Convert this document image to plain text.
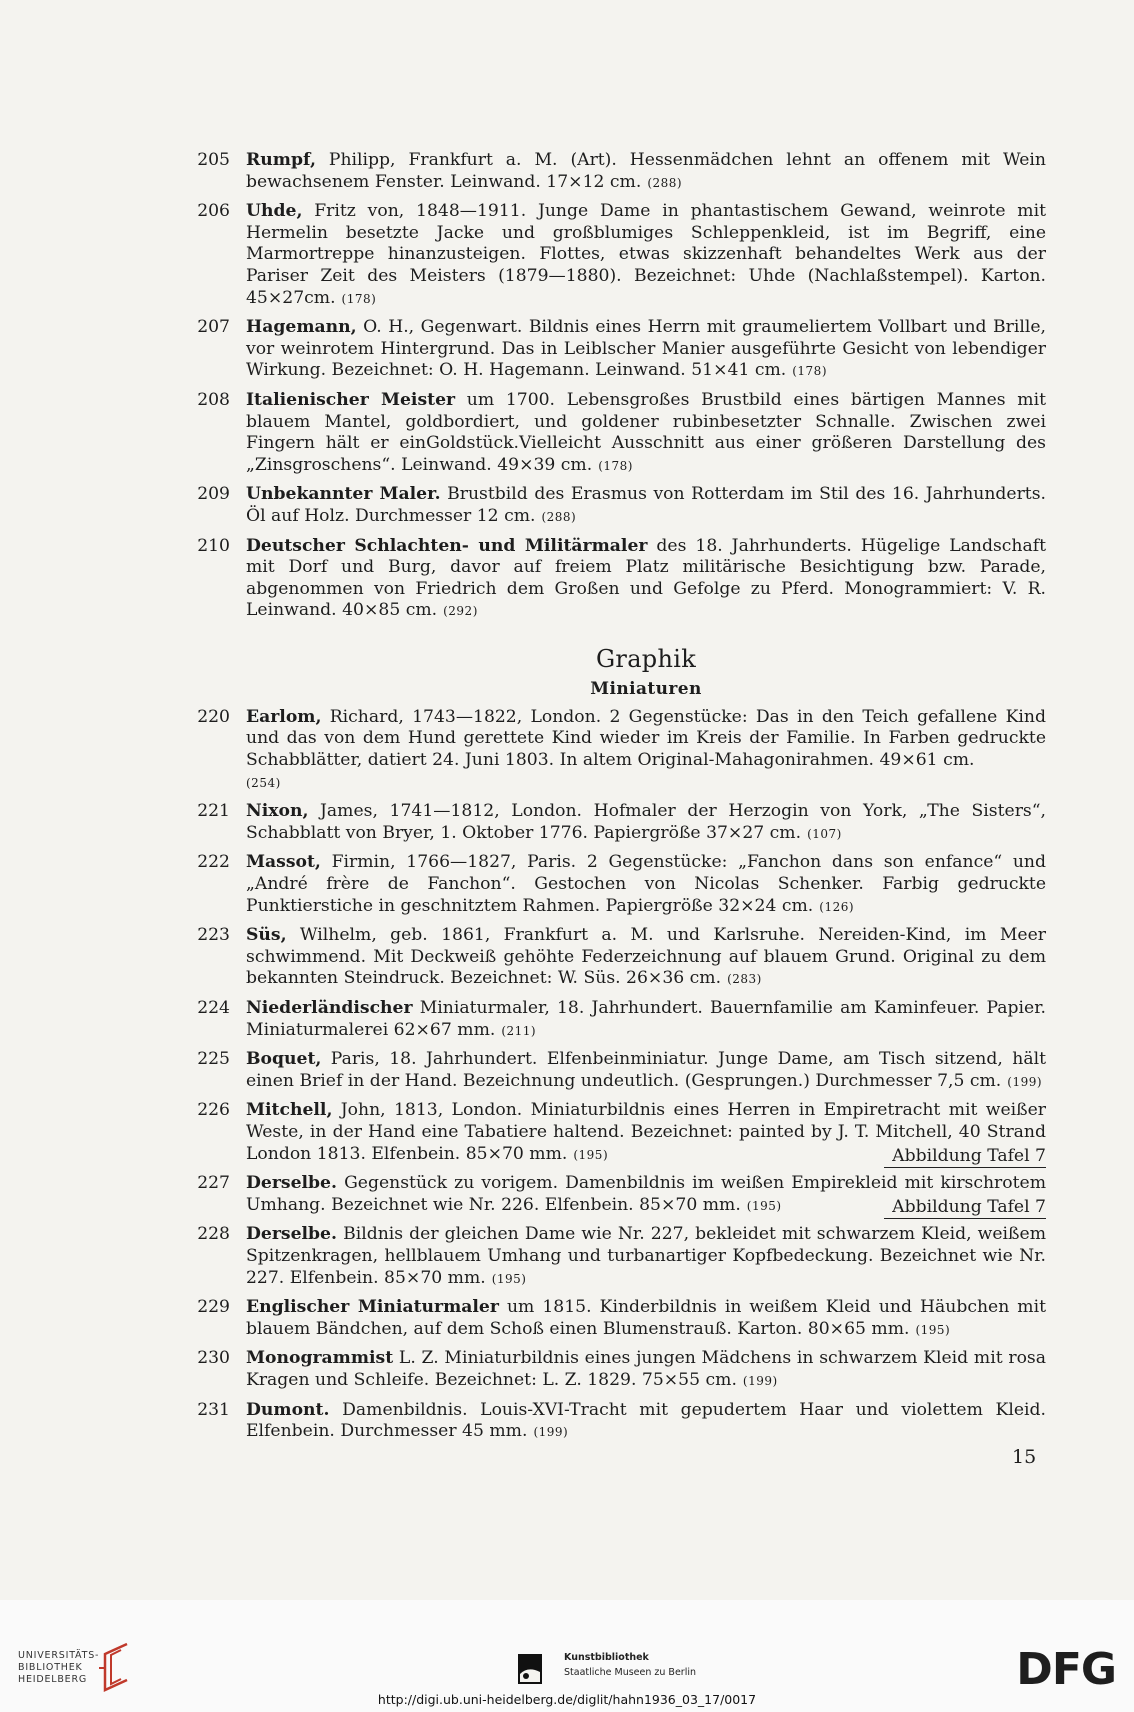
205 Rumpf, Philipp, Frankfurt a. M. (Art). Hessenmädchen lehnt an offenem mit Wein bewachsenem Fenster. Leinwand. 17×12 cm. (288)
206 Uhde, Fritz von, 1848—1911. Junge Dame in phantastischem Gewand, weinrote mit Hermelin besetzte Jacke und großblumiges Schleppenkleid, ist im Begriff, eine Marmortreppe hinanzusteigen. Flottes, etwas skizzenhaft behandeltes Werk aus der Pariser Zeit des Meisters (1879—1880). Bezeichnet: Uhde (Nachlaßstempel). Karton. 45×27cm. (178)
207 Hagemann, O. H., Gegenwart. Bildnis eines Herrn mit graumeliertem Vollbart und Brille, vor weinrotem Hintergrund. Das in Leiblscher Manier ausgeführte Gesicht von lebendiger Wirkung. Bezeichnet: O. H. Hagemann. Leinwand. 51×41 cm. (178)
208 Italienischer Meister um 1700. Lebensgroßes Brustbild eines bärtigen Mannes mit blauem Mantel, goldbordiert, und goldener rubinbesetzter Schnalle. Zwischen zwei Fingern hält er einGoldstück.Vielleicht Ausschnitt aus einer größeren Darstellung des „Zinsgroschens“. Leinwand. 49×39 cm. (178)
209 Unbekannter Maler. Brustbild des Erasmus von Rotterdam im Stil des 16. Jahrhunderts. Öl auf Holz. Durchmesser 12 cm. (288)
210 Deutscher Schlachten- und Militärmaler des 18. Jahrhunderts. Hügelige Landschaft mit Dorf und Burg, davor auf freiem Platz militärische Besichtigung bzw. Parade, abgenommen von Friedrich dem Großen und Gefolge zu Pferd. Monogrammiert: V. R. Leinwand. 40×85 cm. (292)
Graphik
Miniaturen
220 Earlom, Richard, 1743—1822, London. 2 Gegenstücke: Das in den Teich gefallene Kind und das von dem Hund gerettete Kind wieder im Kreis der Familie. In Farben gedruckte Schabblätter, datiert 24. Juni 1803. In altem Original-Mahagonirahmen. 49×61 cm.
(254)
221 Nixon, James, 1741—1812, London. Hofmaler der Herzogin von York, „The Sisters“, Schabblatt von Bryer, 1. Oktober 1776. Papiergröße 37×27 cm. (107)
222 Massot, Firmin, 1766—1827, Paris. 2 Gegenstücke: „Fanchon dans son enfance“ und „André frère de Fanchon“. Gestochen von Nicolas Schenker. Farbig gedruckte Punktierstiche in geschnitztem Rahmen. Papiergröße 32×24 cm. (126)
223 Süs, Wilhelm, geb. 1861, Frankfurt a. M. und Karlsruhe. Nereiden-Kind, im Meer schwimmend. Mit Deckweiß gehöhte Federzeichnung auf blauem Grund. Original zu dem bekannten Steindruck. Bezeichnet: W. Süs. 26×36 cm. (283)
224 Niederländischer Miniaturmaler, 18. Jahrhundert. Bauernfamilie am Kaminfeuer. Papier. Miniaturmalerei 62×67 mm. (211)
225 Boquet, Paris, 18. Jahrhundert. Elfenbeinminiatur. Junge Dame, am Tisch sitzend, hält einen Brief in der Hand. Bezeichnung undeutlich. (Gesprungen.) Durchmesser 7,5 cm. (199)
226 Mitchell, John, 1813, London. Miniaturbildnis eines Herren in Empiretracht mit weißer Weste, in der Hand eine Tabatiere haltend. Bezeichnet: painted by J. T. Mitchell, 40 Strand London 1813. Elfenbein. 85×70 mm. (195)	Abbildung Tafel 7
227 Derselbe. Gegenstück zu vorigem. Damenbildnis im weißen Empirekleid mit kirschrotem Umhang. Bezeichnet wie Nr. 226. Elfenbein. 85×70 mm. (195)	Abbildung Tafel 7
228 Derselbe. Bildnis der gleichen Dame wie Nr. 227, bekleidet mit schwarzem Kleid, weißem Spitzenkragen, hellblauem Umhang und turbanartiger Kopfbedeckung. Bezeichnet wie Nr. 227. Elfenbein. 85×70 mm. (195)
229 Englischer Miniaturmaler um 1815. Kinderbildnis in weißem Kleid und Häubchen mit blauem Bändchen, auf dem Schoß einen Blumenstrauß. Karton. 80×65 mm. (195)
230 Monogrammist L. Z. Miniaturbildnis eines jungen Mädchens in schwarzem Kleid mit rosa Kragen und Schleife. Bezeichnet: L. Z. 1829. 75×55 cm. (199)
231 Dumont. Damenbildnis. Louis-XVI-Tracht mit gepudertem Haar und violettem Kleid. Elfenbein. Durchmesser 45 mm. (199)
15
UNIVERSITÄTS-
BIBLIOTHEK
HEIDELBERG
Kunstbibliothek
Staatliche Museen zu Berlin	DFG
http://digi.ub.uni-heidelberg.de/diglit/hahn1936_03_17/0017
